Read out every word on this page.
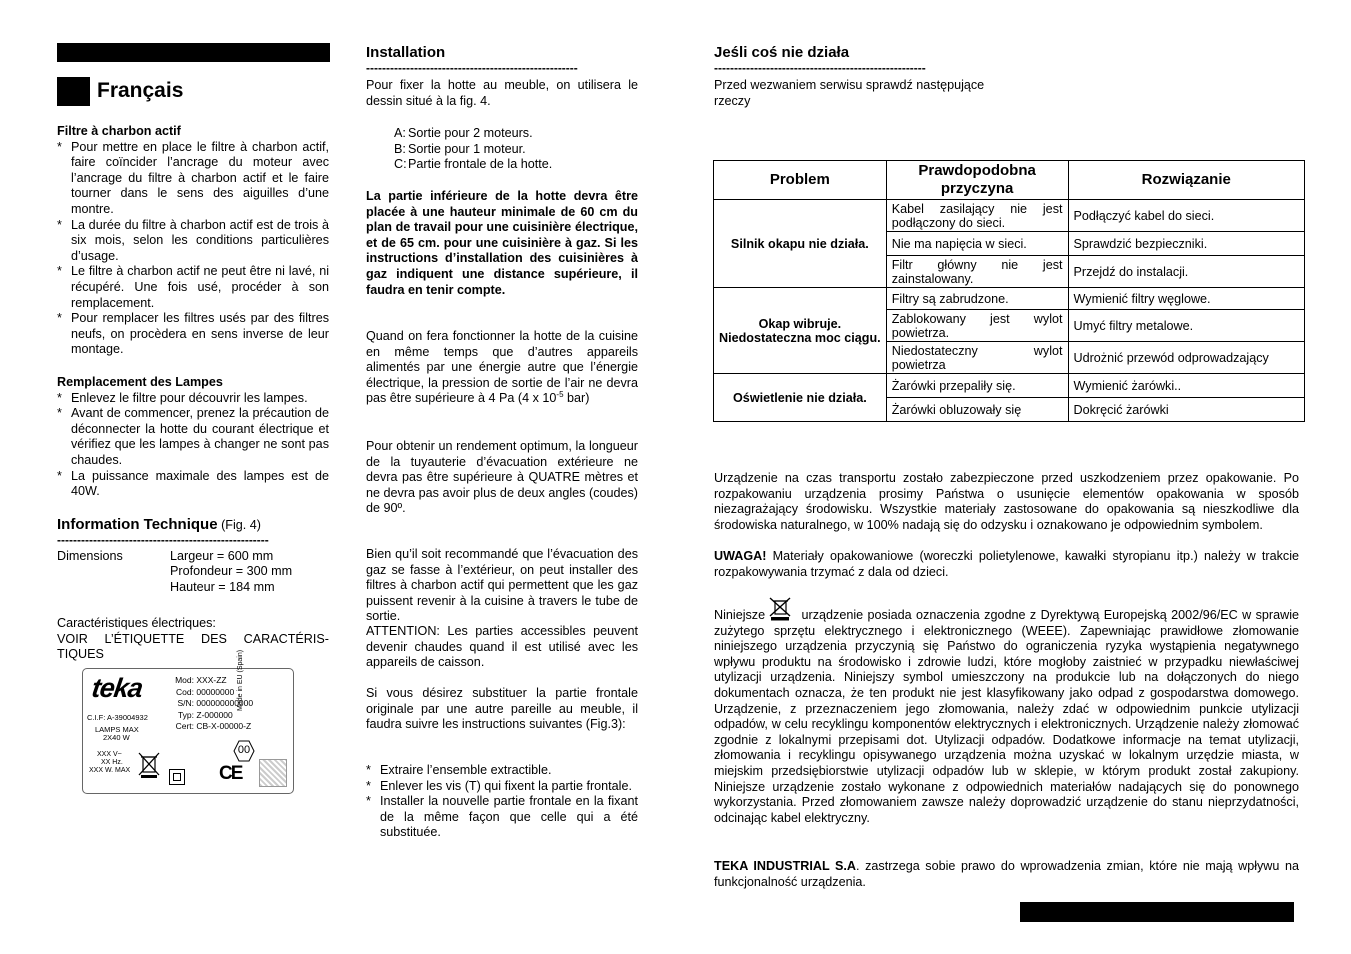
Français
Filtre à charbon actif
* Pour mettre en place le filtre à charbon actif, faire coïncider l’ancrage du moteur avec l’ancrage du filtre à charbon actif et le faire tourner dans le sens des aiguilles d’une montre.
* La durée du filtre à charbon actif est de trois à six mois, selon les conditions particulières d’usage.
* Le filtre à charbon actif ne peut être ni lavé, ni récupéré. Une fois usé, procéder à son remplacement.
* Pour remplacer les filtres usés par des filtres neufs, on procèdera en sens inverse de leur montage.
Remplacement des Lampes
* Enlevez le filtre pour découvrir les lampes.
* Avant de commencer, prenez la précaution de déconnecter la hotte du courant électrique et vérifiez que les lampes à changer ne sont pas chaudes.
* La puissance maximale des lampes est de 40W.
Information Technique (Fig. 4)
-----------------------------------------------------
Dimensions	Largeur = 600 mm
Profondeur = 300 mm
Hauteur = 184 mm
Caractéristiques électriques:
VOIR L’ÉTIQUETTE DES CARACTÉRIS-TIQUES
teka
C.I.F: A-39004932
LAMPS MAX
2X40 W
XXX V~
XX Hz.
XXX W. MAX
Mod: XXX-ZZ
Cod: 00000000
S/N: 000000000000
Typ: Z-000000
Cert: CB-X-00000-Z
Made in EU (Spain)
00
CE
Installation
-----------------------------------------------------
Pour fixer la hotte au meuble, on utilisera le dessin situé à la fig. 4.
A: Sortie pour 2 moteurs.
B: Sortie pour 1 moteur.
C:Partie frontale de la hotte.
La partie inférieure de la hotte devra être placée à une hauteur minimale de 60 cm du plan de travail pour une cuisinière électrique, et de 65 cm. pour une cuisinière à gaz. Si les instructions d’installation des cuisinières à gaz indiquent une distance supérieure, il faudra en tenir compte.
Quand on fera fonctionner la hotte de la cuisine en même temps que d’autres appareils alimentés par une énergie autre que l’énergie électrique, la pression de sortie de l’air ne devra pas être supérieure à 4 Pa (4 x $10^{-5}$ bar)
Pour obtenir un rendement optimum, la longueur de la tuyauterie d’évacuation extérieure ne devra pas être supérieure à QUATRE mètres et ne devra pas avoir plus de deux angles (coudes) de 90º.
Bien qu’il soit recommandé que l’évacuation des gaz se fasse à l’extérieur, on peut installer des filtres à charbon actif qui permettent que les gaz puissent revenir à la cuisine à travers le tube de sortie.
ATTENTION: Les parties accessibles peuvent devenir chaudes quand il est utilisé avec les appareils de caisson.
Si vous désirez substituer la partie frontale originale par une autre pareille au meuble, il faudra suivre les instructions suivantes (Fig.3):
* Extraire l’ensemble extractible.
* Enlever les vis (T) qui fixent la partie frontale.
* Installer la nouvelle partie frontale en la fixant de la même façon que celle qui a été substituée.
Jeśli coś nie działa
-----------------------------------------------------
Przed wezwaniem serwisu sprawdź następujące rzeczy
Problem	Prawdopodobna przyczyna	Rozwiązanie
Silnik okapu nie działa.	Kabel zasilający nie jest podłączony do sieci.	Podłączyć kabel do sieci.
	Nie ma napięcia w sieci.	Sprawdzić bezpieczniki.
	Filtr główny nie jest zainstalowany.	Przejdź do instalacji.
Okap wibruje. Niedostateczna moc ciągu.	Filtry są zabrudzone.	Wymienić filtry węglowe.
	Zablokowany jest wylot powietrza.	Umyć filtry metalowe.
	Niedostateczny wylot powietrza	Udrożnić przewód odprowadzający
Oświetlenie nie działa.	Żarówki przepaliły się.	Wymienić żarówki..
	Żarówki obluzowały się	Dokręcić żarówki
Urządzenie na czas transportu zostało zabezpieczone przed uszkodzeniem przez opakowanie. Po rozpakowaniu urządzenia prosimy Państwa o usunięcie elementów opakowania w sposób niezagrażający środowisku. Wszystkie materiały zastosowane do opakowania są nieszkodliwe dla środowiska naturalnego, w 100% nadają się do odzysku i oznakowano je odpowiednim symbolem.
UWAGA! Materiały opakowaniowe (woreczki polietylenowe, kawałki styropianu itp.) należy w trakcie rozpakowywania trzymać z dala od dzieci.
Niniejsze	urządzenie posiada oznaczenia zgodne z Dyrektywą Europejską 2002/96/EC w sprawie zużytego sprzętu elektrycznego i elektronicznego (WEEE). Zapewniając prawidłowe złomowanie niniejszego urządzenia przyczynią się Państwo do ograniczenia ryzyka wystąpienia negatywnego wpływu produktu na środowisko i zdrowie ludzi, które mogłoby zaistnieć w przypadku niewłaściwej utylizacji urządzenia. Niniejszy symbol umieszczony na produkcie lub na dołączonych do niego dokumentach oznacza, że ten produkt nie jest klasyfikowany jako odpad z gospodarstwa domowego. Urządzenie, z przeznaczeniem jego złomowania, należy zdać w odpowiednim punkcie utylizacji odpadów, w celu recyklingu komponentów elektrycznych i elektronicznych. Urządzenie należy złomować zgodnie z lokalnymi przepisami dot. Utylizacji odpadów. Dodatkowe informacje na temat utylizacji, złomowania i recyklingu opisywanego urządzenia można uzyskać w lokalnym urzędzie miasta, w miejskim przedsiębiorstwie utylizacji odpadów lub w sklepie, w którym produkt został zakupiony. Niniejsze urządzenie zostało wykonane z odpowiednich materiałów nadających się do ponownego wykorzystania. Przed złomowaniem zawsze należy doprowadzić urządzenie do stanu nieprzydatności, odcinając kabel elektryczny.
TEKA INDUSTRIAL S.A. zastrzega sobie prawo do wprowadzenia zmian, które nie mają wpływu na funkcjonalność urządzenia.
